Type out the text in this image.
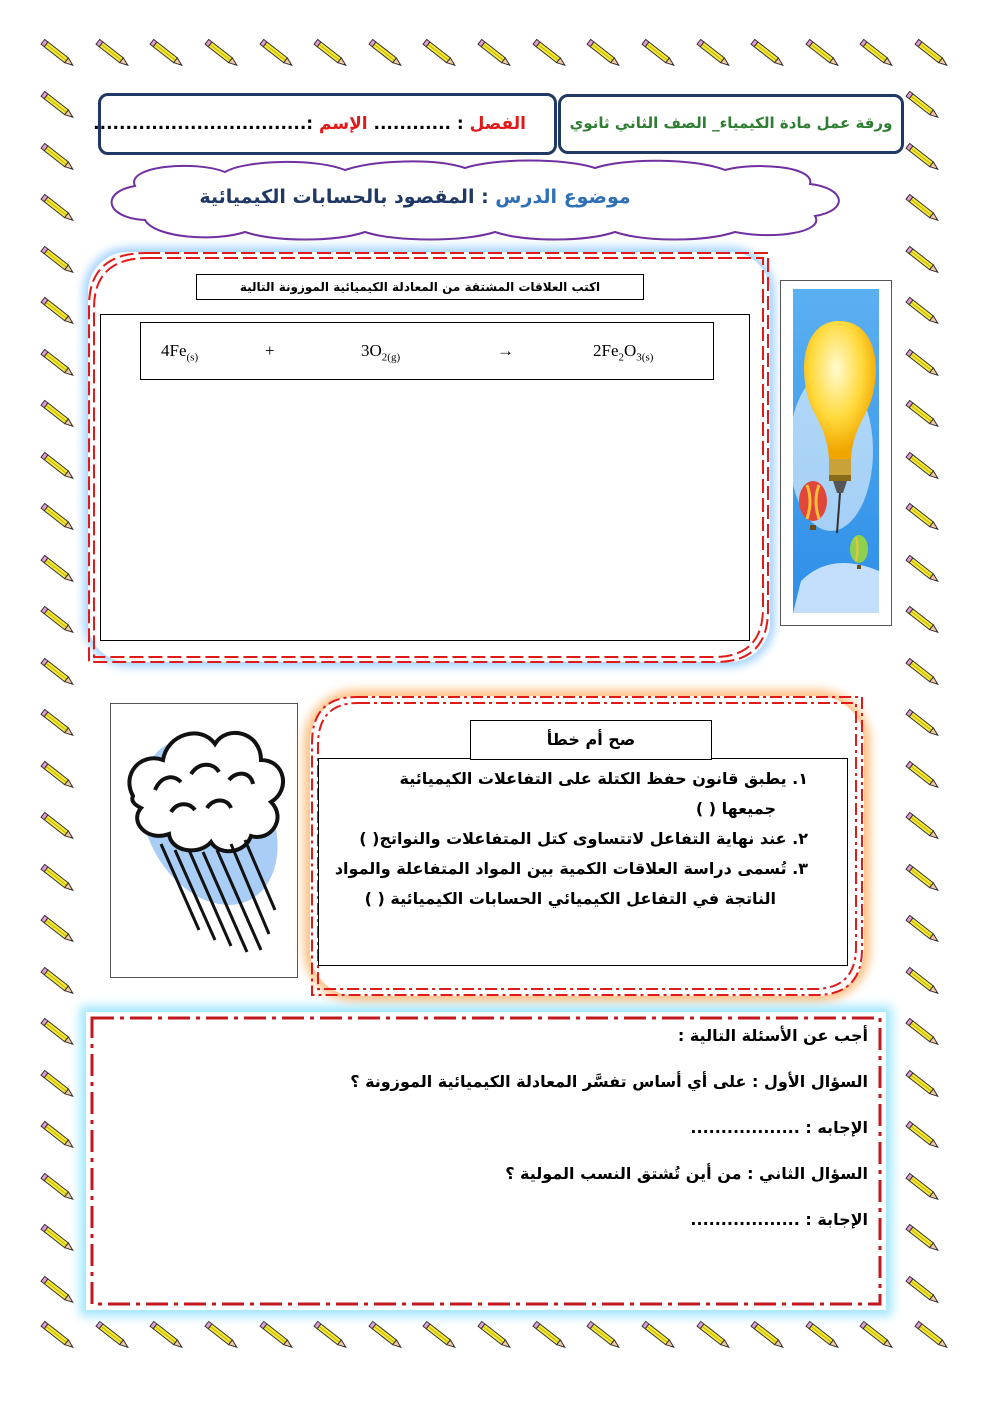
ورقة عمل مادة الكيمياء_ الصف الثاني ثانوي
الفصل : ............ الإسم :.................................
موضوع الدرس : المقصود بالحسابات الكيميائية
اكتب العلاقات المشتقة من المعادلة الكيميائية الموزونة التالية
$4Fe_{(s)}$	+	$3O_{2(g)}$	→	$2Fe_2O_{3(s)}$
صح أم خطأ
١. يطبق قانون حفظ الكتلة على التفاعلات الكيميائية
جميعها ( )
٢. عند نهاية التفاعل لاتتساوى كتل المتفاعلات والنواتج( )
٣. تُسمى دراسة العلاقات الكمية بين المواد المتفاعلة والمواد
الناتجة في التفاعل الكيميائي الحسابات الكيميائية ( )
أجب عن الأسئلة التالية :
السؤال الأول : على أي أساس تفسَّر المعادلة الكيميائية الموزونة ؟
الإجابه : ..................
السؤال الثاني : من أين تُشتق النسب المولية ؟
الإجابة : ..................
